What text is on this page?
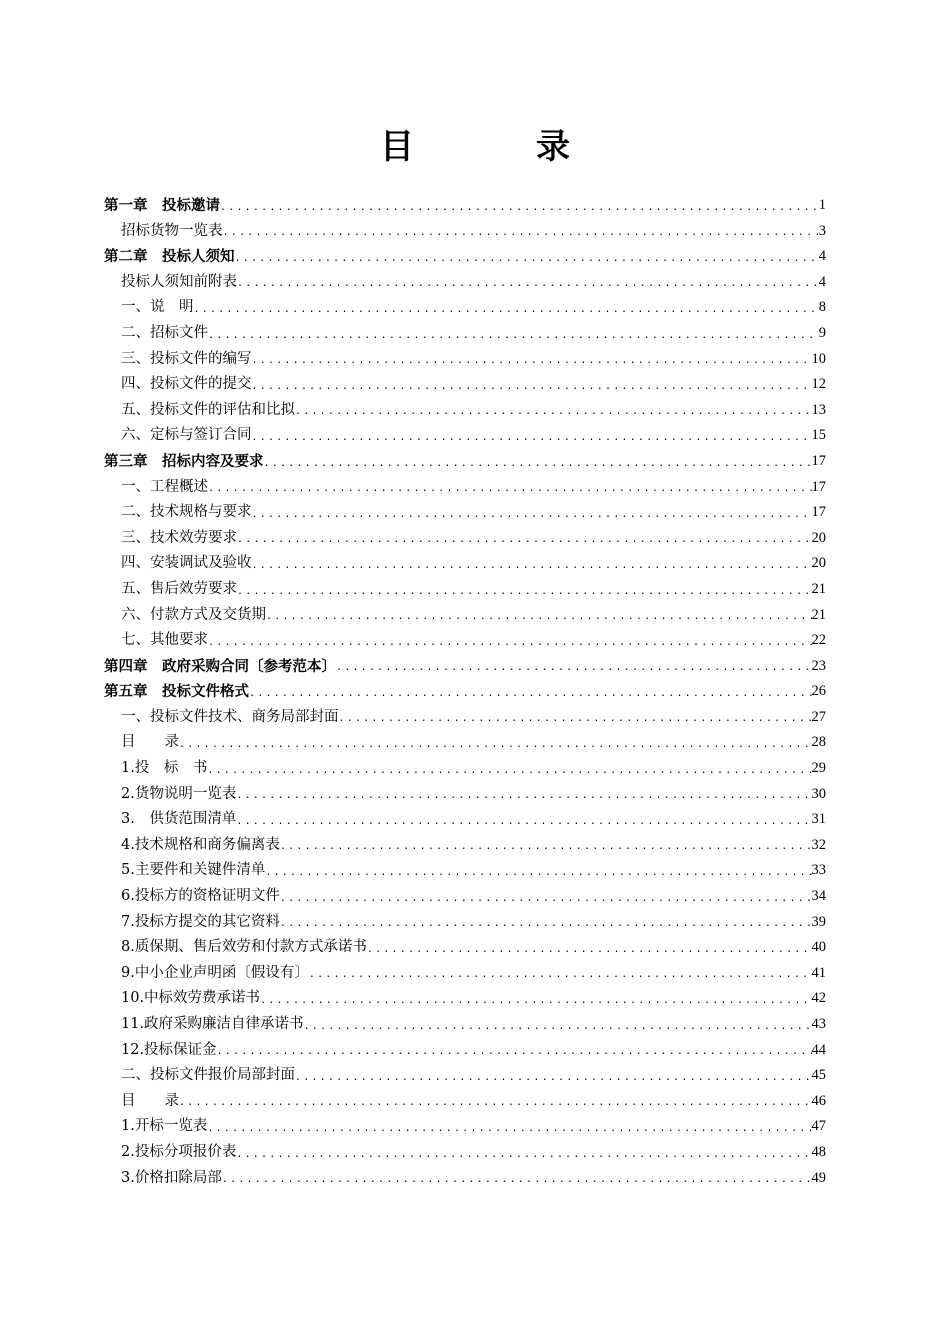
目　录
第一章　投标邀请 .....	1
招标货物一览表 .....	3
第二章　投标人须知 .....	4
投标人须知前附表 .....	4
一、说　明 .....	8
二、招标文件 .....	9
三、投标文件的编写 .....	10
四、投标文件的提交 .....	12
五、投标文件的评估和比拟 .....	13
六、定标与签订合同 .....	15
第三章　招标内容及要求 .....	17
一、工程概述 .....	17
二、技术规格与要求 .....	17
三、技术效劳要求 .....	20
四、安装调试及验收 .....	20
五、售后效劳要求 .....	21
六、付款方式及交货期 .....	21
七、其他要求 .....	22
第四章　政府采购合同〔参考范本〕 .....	23
第五章　投标文件格式 .....	26
一、投标文件技术、商务局部封面 .....	27
目　　录 .....	28
1.投　标　书 .....	29
2.货物说明一览表 .....	30
3.　供货范围清单 .....	31
4.技术规格和商务偏离表 .....	32
5.主要件和关键件清单 .....	33
6.投标方的资格证明文件 .....	34
7.投标方提交的其它资料 .....	39
8.质保期、售后效劳和付款方式承诺书 .....	40
9.中小企业声明函〔假设有〕 .....	41
10.中标效劳费承诺书 .....	42
11.政府采购廉洁自律承诺书 .....	43
12.投标保证金 .....	44
二、投标文件报价局部封面 .....	45
目　　录 .....	46
1.开标一览表 .....	47
2.投标分项报价表 .....	48
3.价格扣除局部 .....	49
